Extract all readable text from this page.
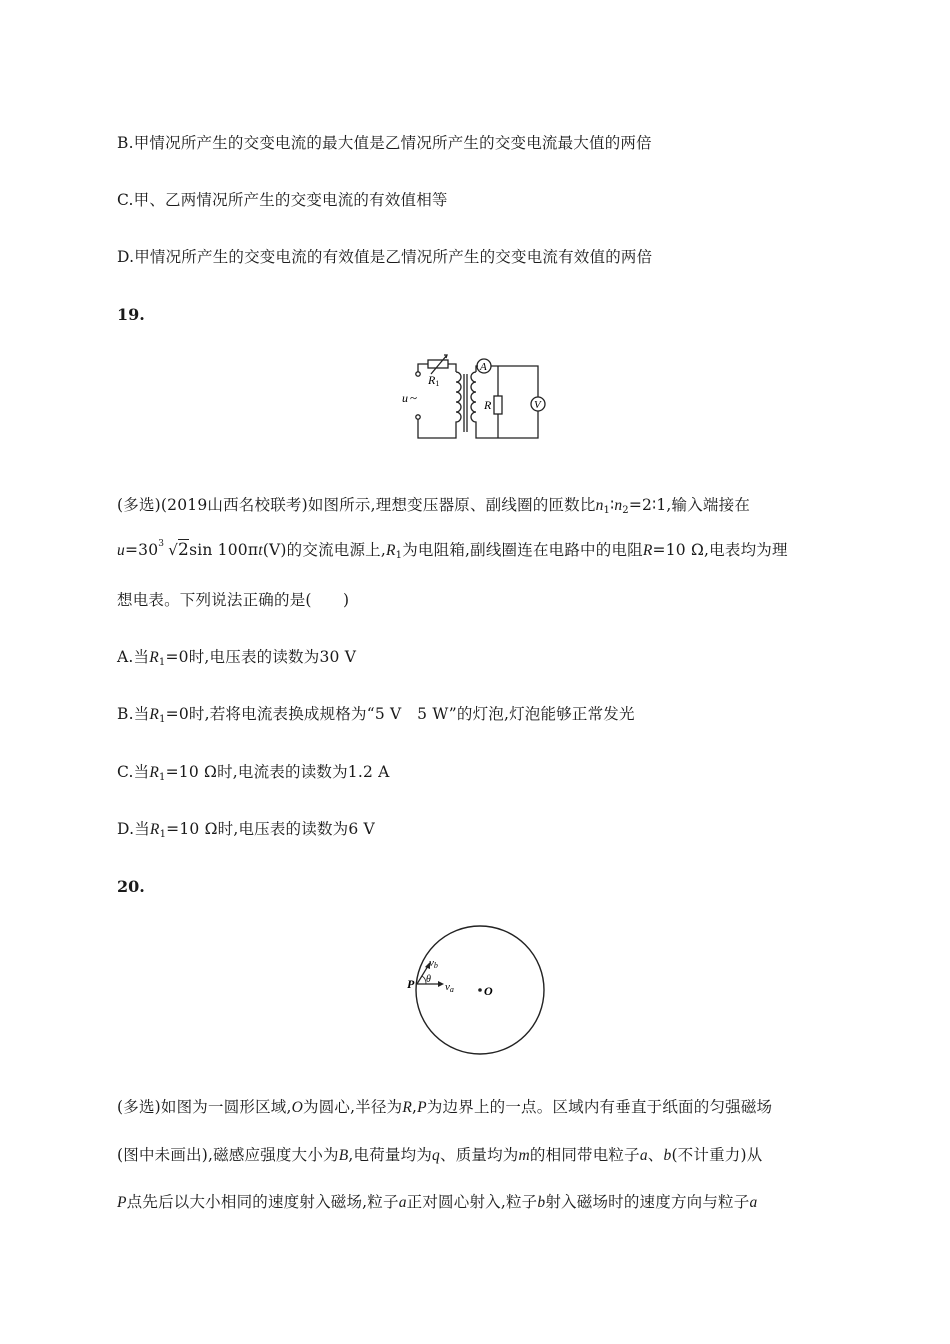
B.甲情况所产生的交变电流的最大值是乙情况所产生的交变电流最大值的两倍
C.甲、乙两情况所产生的交变电流的有效值相等
D.甲情况所产生的交变电流的有效值是乙情况所产生的交变电流有效值的两倍
19.
A
V
R
R1
u ~
(多选)(2019山西名校联考)如图所示,理想变压器原、副线圈的匝数比$n_1∶n_2=2∶1$,输入端接在
u=30 3 √2sin 100πt(V)的交流电源上$,R_1$为电阻箱,副线圈连在电路中的电阻R=10 Ω,电表均为理
想电表。下列说法正确的是(　　)
A.当$R_1=0$时,电压表的读数为30 V
B.当$R_1=0$时,若将电流表换成规格为“5 V　5 W”的灯泡,灯泡能够正常发光
C.当$R_1=10$ Ω时,电流表的读数为1.2 A
D.当$R_1=10$ Ω时,电压表的读数为6 V
20.
P	O
vb
va
θ
(多选)如图为一圆形区域,O为圆心,半径为R,P为边界上的一点。区域内有垂直于纸面的匀强磁场
(图中未画出),磁感应强度大小为B,电荷量均为q、质量均为m的相同带电粒子a、b(不计重力)从
P点先后以大小相同的速度射入磁场,粒子a正对圆心射入,粒子b射入磁场时的速度方向与粒子a
